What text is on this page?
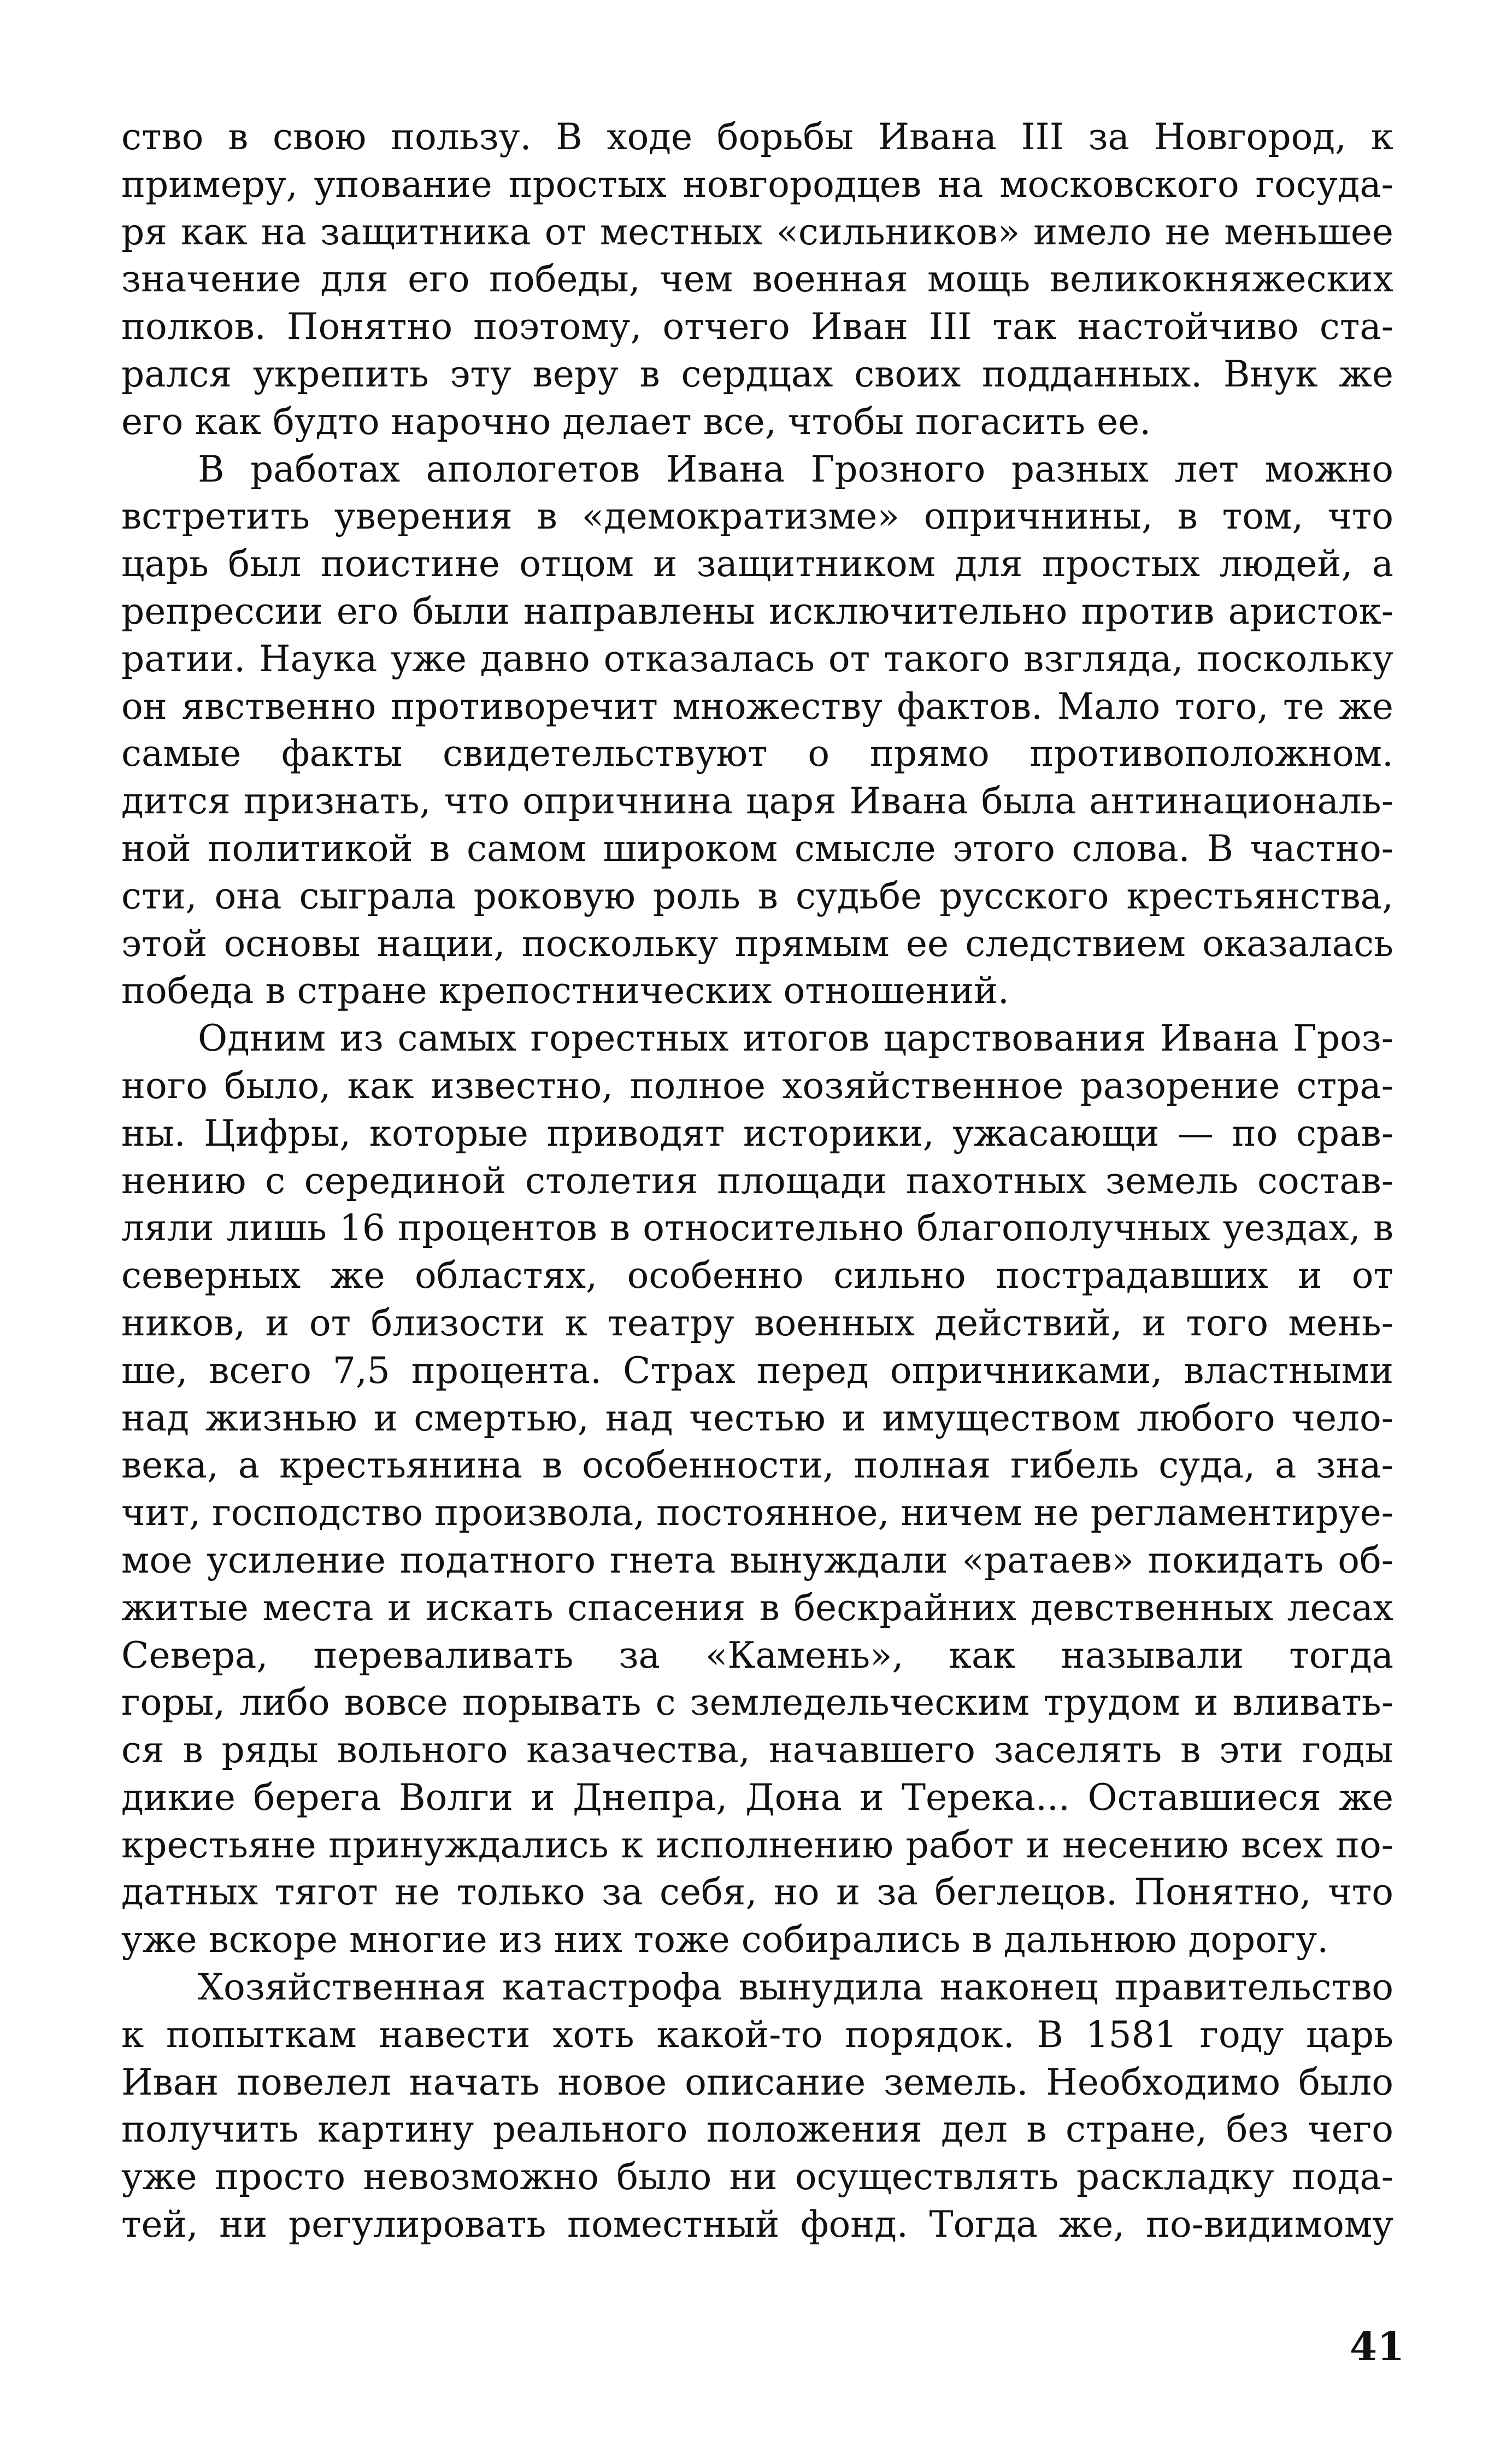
ство в свою пользу. В ходе борьбы Ивана III за Новгород, к
примеру, упование простых новгородцев на московского госуда-
ря как на защитника от местных «сильников» имело не меньшее
значение для его победы, чем военная мощь великокняжеских
полков. Понятно поэтому, отчего Иван III так настойчиво ста-
рался укрепить эту веру в сердцах своих подданных. Внук же
его как будто нарочно делает все, чтобы погасить ее.

В работах апологетов Ивана Грозного разных лет можно
встретить уверения в «демократизме» опричнины, в том, что
царь был поистине отцом и защитником для простых людей, а
репрессии его были направлены исключительно против аристок-
ратии. Наука уже давно отказалась от такого взгляда, поскольку
он явственно противоречит множеству фактов. Мало того, те же
самые факты свидетельствуют о прямо противоположном.
дится признать, что опричнина царя Ивана была антинациональ-
ной политикой в самом широком смысле этого слова. В частно-
сти, она сыграла роковую роль в судьбе русского крестьянства,
этой основы нации, поскольку прямым ее следствием оказалась
победа в стране крепостнических отношений.

Одним из самых горестных итогов царствования Ивана Гроз-
ного было, как известно, полное хозяйственное разорение стра-
ны. Цифры, которые приводят историки, ужасающи — по срав-
нению с серединой столетия площади пахотных земель состав-
ляли лишь 16 процентов в относительно благополучных уездах, в
северных же областях, особенно сильно пострадавших и от
ников, и от близости к театру военных действий, и того мень-
ше, всего 7,5 процента. Страх перед опричниками, властными
над жизнью и смертью, над честью и имуществом любого чело-
века, а крестьянина в особенности, полная гибель суда, а зна-
чит, господство произвола, постоянное, ничем не регламентируе-
мое усиление податного гнета вынуждали «ратаев» покидать об-
житые места и искать спасения в бескрайних девственных лесах
Севера, переваливать за «Камень», как называли тогда
горы, либо вовсе порывать с земледельческим трудом и вливать-
ся в ряды вольного казачества, начавшего заселять в эти годы
дикие берега Волги и Днепра, Дона и Терека... Оставшиеся же
крестьяне принуждались к исполнению работ и несению всех по-
датных тягот не только за себя, но и за беглецов. Понятно, что
уже вскоре многие из них тоже собирались в дальнюю дорогу.

Хозяйственная катастрофа вынудила наконец правительство
к попыткам навести хоть какой-то порядок. В 1581 году царь
Иван повелел начать новое описание земель. Необходимо было
получить картину реального положения дел в стране, без чего
уже просто невозможно было ни осуществлять раскладку пода-
тей, ни регулировать поместный фонд. Тогда же, по-видимому

41
